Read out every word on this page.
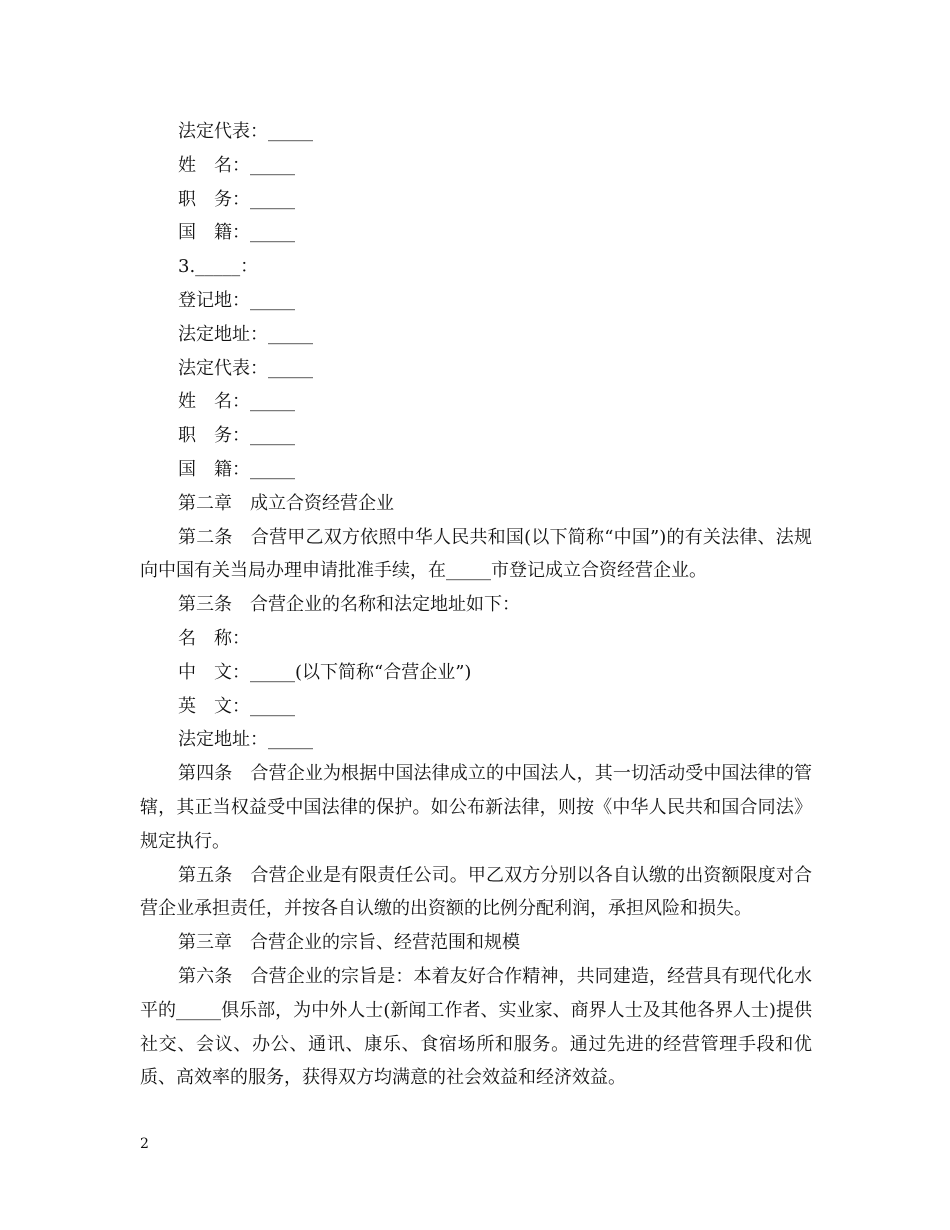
法定代表：_____
姓　名：_____
职　务：_____
国　籍：_____
3._____：
登记地：_____
法定地址：_____
法定代表：_____
姓　名：_____
职　务：_____
国　籍：_____
第二章　成立合资经营企业
第二条　合营甲乙双方依照中华人民共和国(以下简称“中国”)的有关法律、法规向中国有关当局办理申请批准手续，在_____市登记成立合资经营企业。
第三条　合营企业的名称和法定地址如下：
名　称：
中　文：_____(以下简称“合营企业”)
英　文：_____
法定地址：_____
第四条　合营企业为根据中国法律成立的中国法人，其一切活动受中国法律的管辖，其正当权益受中国法律的保护。如公布新法律，则按《中华人民共和国合同法》规定执行。
第五条　合营企业是有限责任公司。甲乙双方分别以各自认缴的出资额限度对合营企业承担责任，并按各自认缴的出资额的比例分配利润，承担风险和损失。
第三章　合营企业的宗旨、经营范围和规模
第六条　合营企业的宗旨是：本着友好合作精神，共同建造，经营具有现代化水平的_____俱乐部，为中外人士(新闻工作者、实业家、商界人士及其他各界人士)提供社交、会议、办公、通讯、康乐、食宿场所和服务。通过先进的经营管理手段和优质、高效率的服务，获得双方均满意的社会效益和经济效益。
2
